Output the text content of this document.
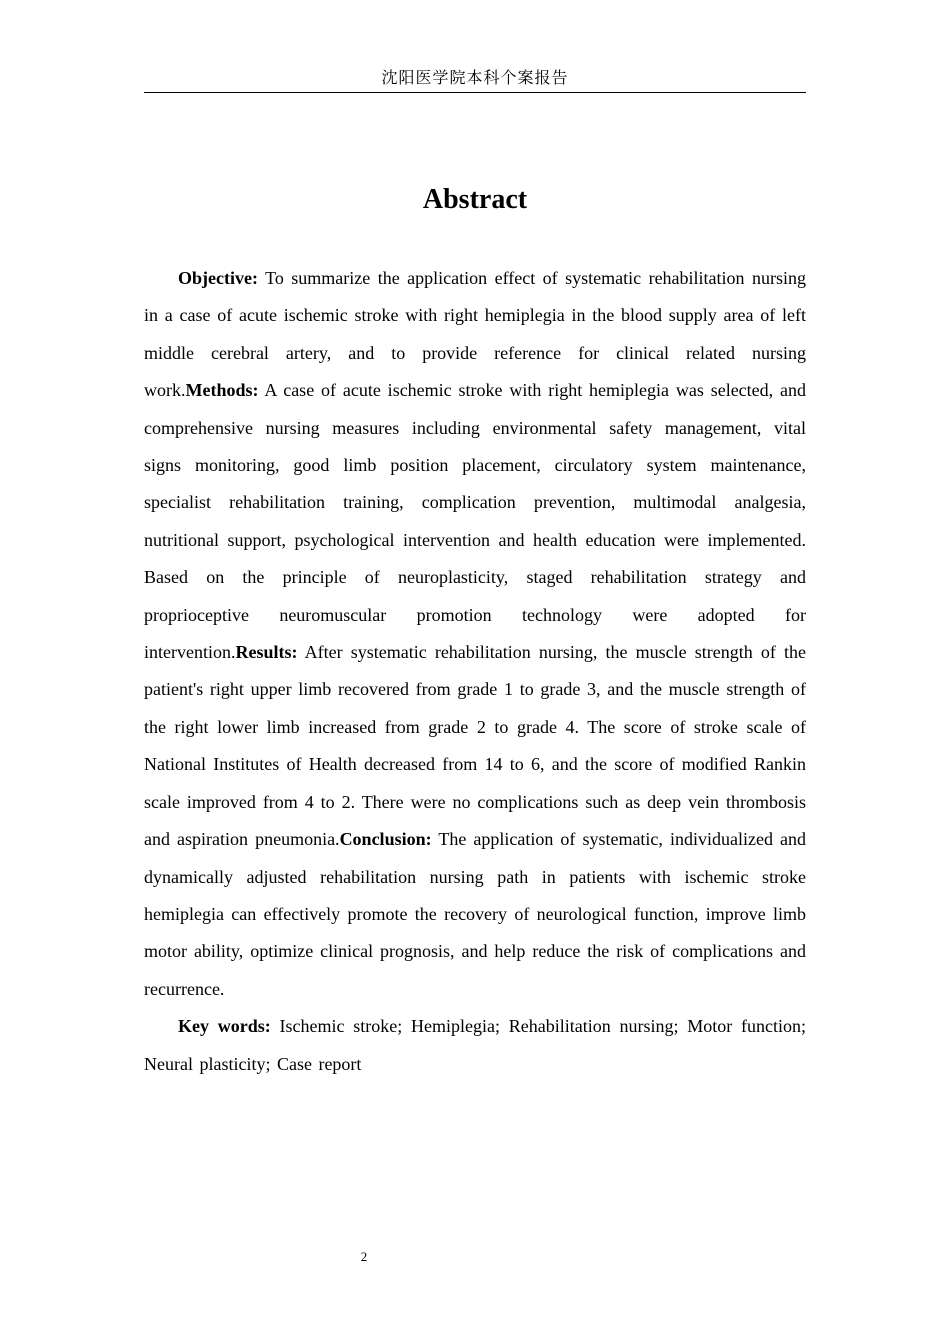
沈阳医学院本科个案报告
Abstract

Objective: To summarize the application effect of systematic rehabilitation nursing in a case of acute ischemic stroke with right hemiplegia in the blood supply area of left middle cerebral artery, and to provide reference for clinical related nursing work.Methods: A case of acute ischemic stroke with right hemiplegia was selected, and comprehensive nursing measures including environmental safety management, vital signs monitoring, good limb position placement, circulatory system maintenance, specialist rehabilitation training, complication prevention, multimodal analgesia, nutritional support, psychological intervention and health education were implemented. Based on the principle of neuroplasticity, staged rehabilitation strategy and proprioceptive neuromuscular promotion technology were adopted for intervention.Results: After systematic rehabilitation nursing, the muscle strength of the patient's right upper limb recovered from grade 1 to grade 3, and the muscle strength of the right lower limb increased from grade 2 to grade 4. The score of stroke scale of National Institutes of Health decreased from 14 to 6, and the score of modified Rankin scale improved from 4 to 2. There were no complications such as deep vein thrombosis and aspiration pneumonia.Conclusion: The application of systematic, individualized and dynamically adjusted rehabilitation nursing path in patients with ischemic stroke hemiplegia can effectively promote the recovery of neurological function, improve limb motor ability, optimize clinical prognosis, and help reduce the risk of complications and recurrence.

Key words: Ischemic stroke; Hemiplegia; Rehabilitation nursing; Motor function; Neural plasticity; Case report

2
